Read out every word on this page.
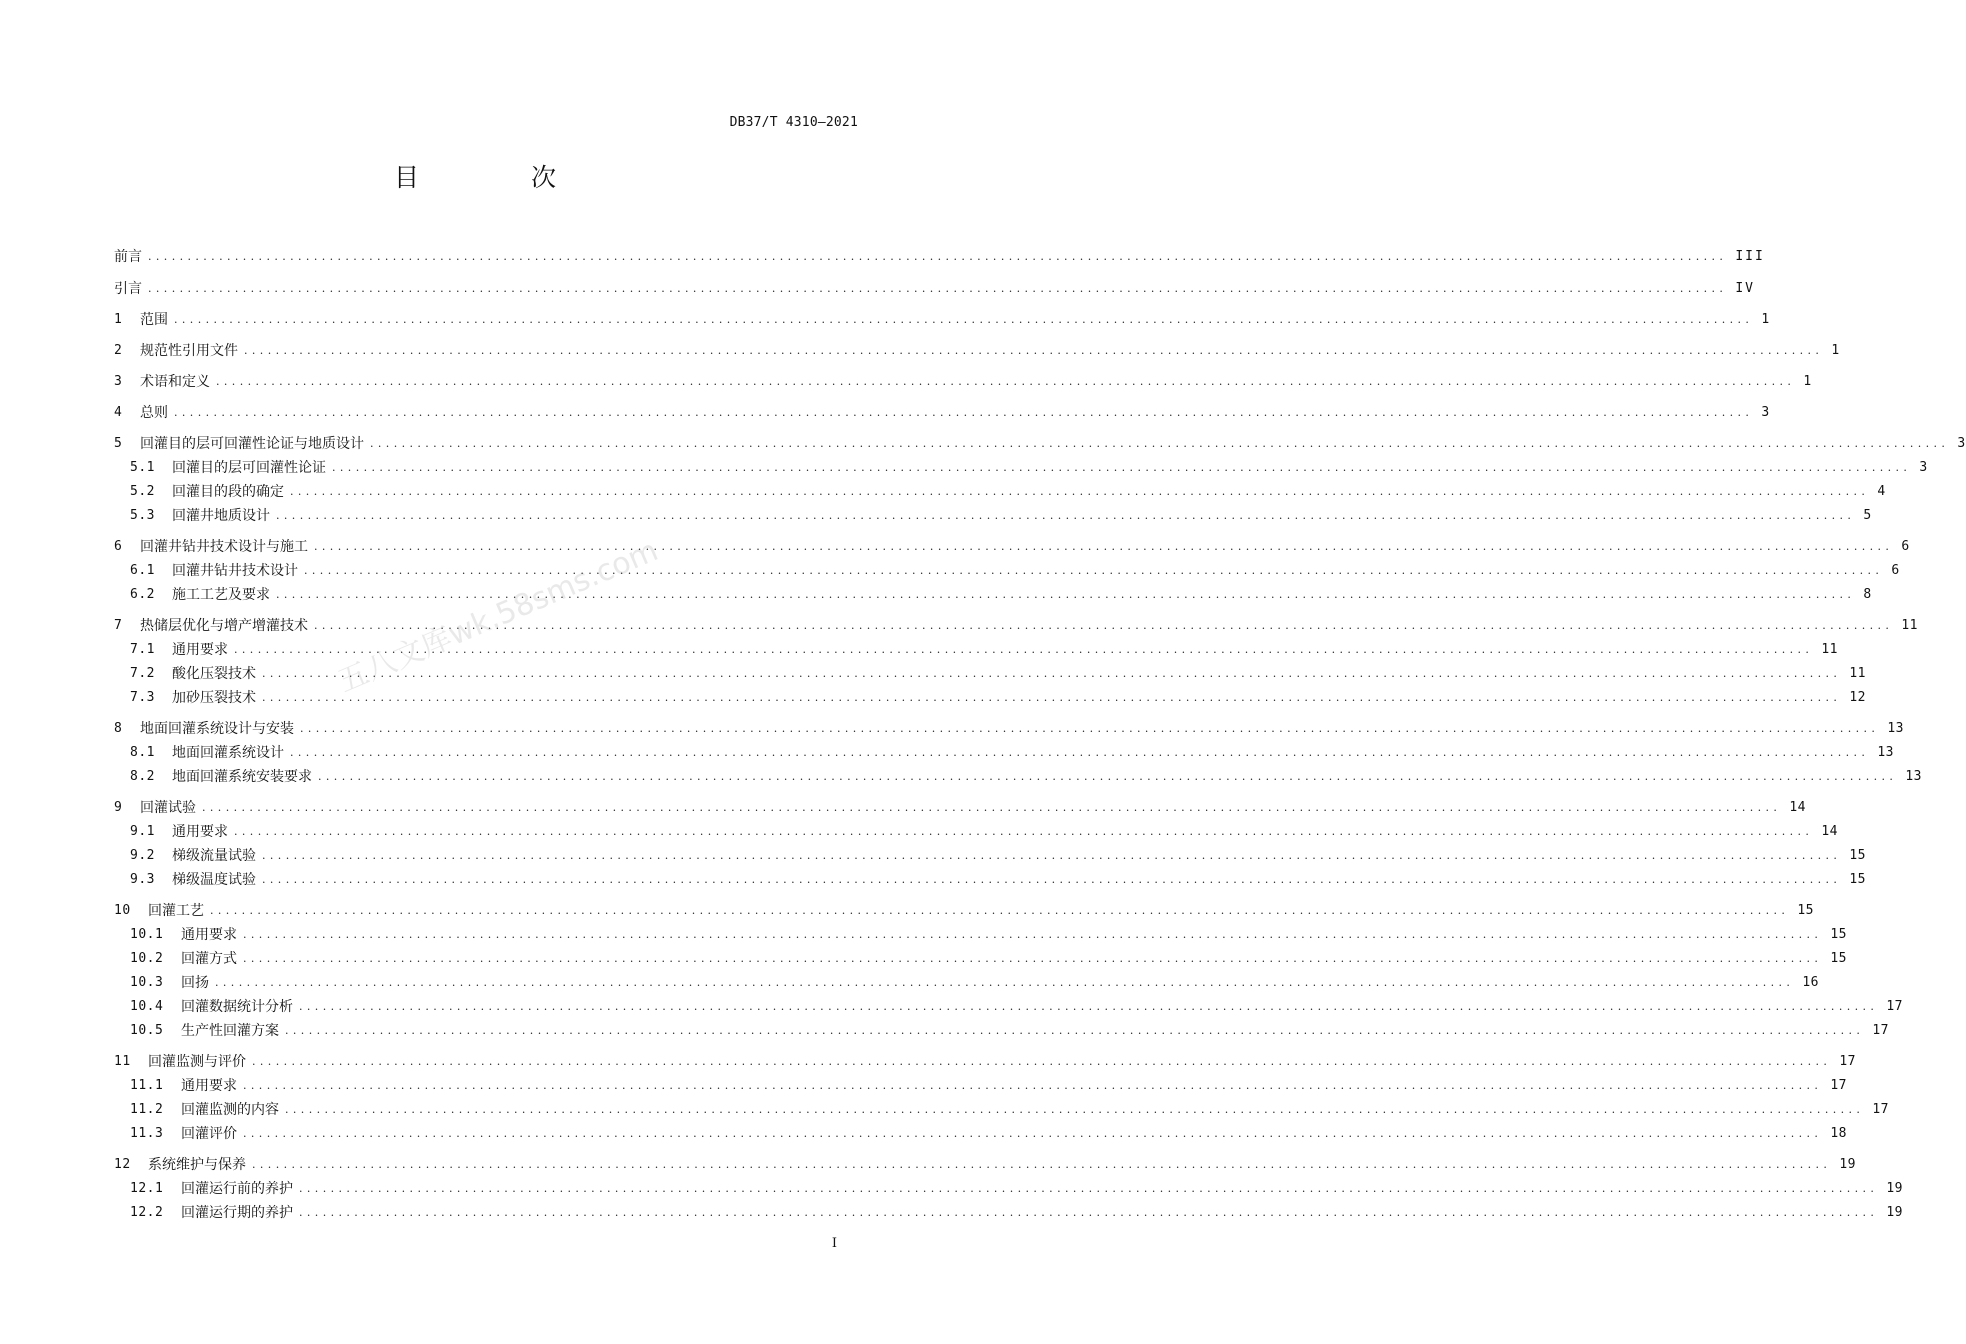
DB37/T 4310—2021
目 次
前言 ........................................................................................................................................................................................................ III
引言 ........................................................................................................................................................................................................ IV
1	范围 ........................................................................................................................................................................................................ 1
2	规范性引用文件 ........................................................................................................................................................................................................ 1
3	术语和定义 ........................................................................................................................................................................................................ 1
4	总则 ........................................................................................................................................................................................................ 3
5	回灌目的层可回灌性论证与地质设计 ........................................................................................................................................................................................................ 3
5.1	回灌目的层可回灌性论证 ........................................................................................................................................................................................................ 3
5.2	回灌目的段的确定 ........................................................................................................................................................................................................ 4
5.3	回灌井地质设计 ........................................................................................................................................................................................................ 5
6	回灌井钻井技术设计与施工 ........................................................................................................................................................................................................ 6
6.1	回灌井钻井技术设计 ........................................................................................................................................................................................................ 6
6.2	施工工艺及要求 ........................................................................................................................................................................................................ 8
7	热储层优化与增产增灌技术 ........................................................................................................................................................................................................ 11
7.1	通用要求 ........................................................................................................................................................................................................ 11
7.2	酸化压裂技术 ........................................................................................................................................................................................................ 11
7.3	加砂压裂技术 ........................................................................................................................................................................................................ 12
8	地面回灌系统设计与安装 ........................................................................................................................................................................................................ 13
8.1	地面回灌系统设计 ........................................................................................................................................................................................................ 13
8.2	地面回灌系统安装要求 ........................................................................................................................................................................................................ 13
9	回灌试验 ........................................................................................................................................................................................................ 14
9.1	通用要求 ........................................................................................................................................................................................................ 14
9.2	梯级流量试验 ........................................................................................................................................................................................................ 15
9.3	梯级温度试验 ........................................................................................................................................................................................................ 15
10	回灌工艺 ........................................................................................................................................................................................................ 15
10.1	通用要求 ........................................................................................................................................................................................................ 15
10.2	回灌方式 ........................................................................................................................................................................................................ 15
10.3	回扬 ........................................................................................................................................................................................................ 16
10.4	回灌数据统计分析 ........................................................................................................................................................................................................ 17
10.5	生产性回灌方案 ........................................................................................................................................................................................................ 17
11	回灌监测与评价 ........................................................................................................................................................................................................ 17
11.1	通用要求 ........................................................................................................................................................................................................ 17
11.2	回灌监测的内容 ........................................................................................................................................................................................................ 17
11.3	回灌评价 ........................................................................................................................................................................................................ 18
12	系统维护与保养 ........................................................................................................................................................................................................ 19
12.1	回灌运行前的养护 ........................................................................................................................................................................................................ 19
12.2	回灌运行期的养护 ........................................................................................................................................................................................................ 19
I
五八文库wk.58sms.com
